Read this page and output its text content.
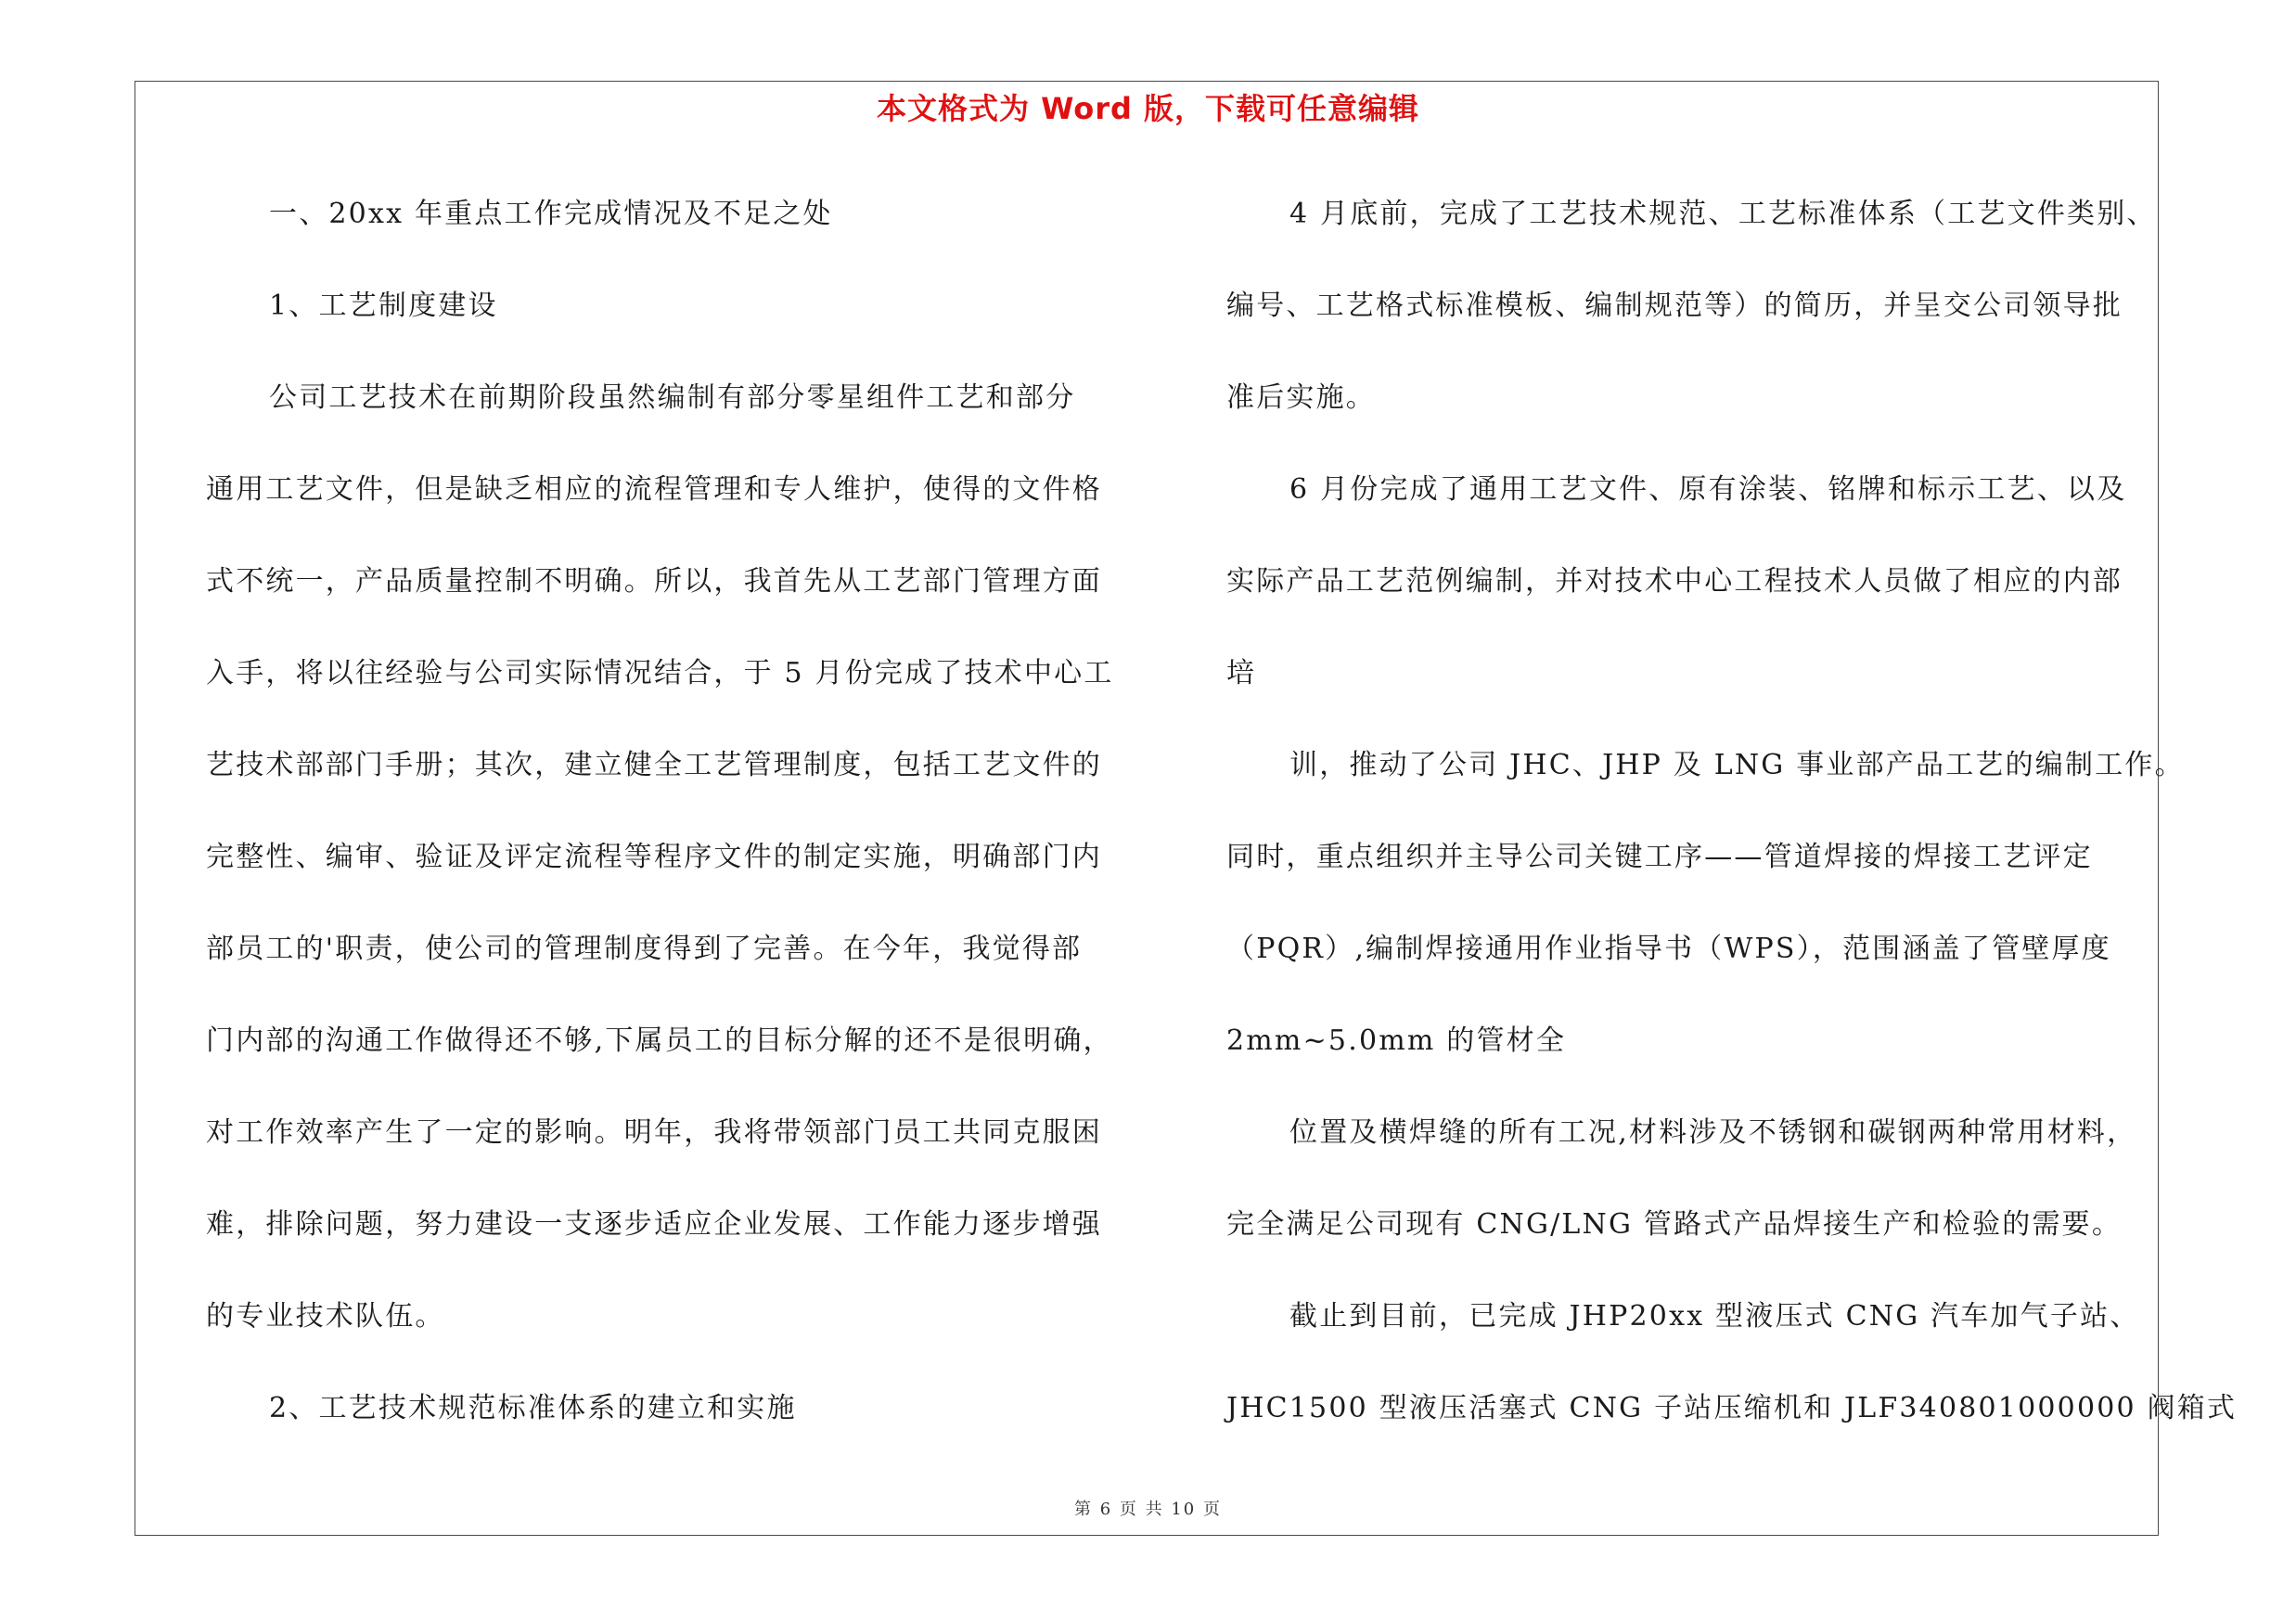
本文格式为 Word 版，下载可任意编辑
一、20xx 年重点工作完成情况及不足之处
1、工艺制度建设
公司工艺技术在前期阶段虽然编制有部分零星组件工艺和部分
通用工艺文件，但是缺乏相应的流程管理和专人维护，使得的文件格
式不统一，产品质量控制不明确。所以，我首先从工艺部门管理方面
入手，将以往经验与公司实际情况结合，于 5 月份完成了技术中心工
艺技术部部门手册；其次，建立健全工艺管理制度，包括工艺文件的
完整性、编审、验证及评定流程等程序文件的制定实施，明确部门内
部员工的'职责，使公司的管理制度得到了完善。在今年，我觉得部
门内部的沟通工作做得还不够,下属员工的目标分解的还不是很明确，
对工作效率产生了一定的影响。明年，我将带领部门员工共同克服困
难，排除问题，努力建设一支逐步适应企业发展、工作能力逐步增强
的专业技术队伍。
2、工艺技术规范标准体系的建立和实施
4 月底前，完成了工艺技术规范、工艺标准体系（工艺文件类别、
编号、工艺格式标准模板、编制规范等）的简历，并呈交公司领导批
准后实施。
6 月份完成了通用工艺文件、原有涂装、铭牌和标示工艺、以及
实际产品工艺范例编制，并对技术中心工程技术人员做了相应的内部
培
训，推动了公司 JHC、JHP 及 LNG 事业部产品工艺的编制工作。
同时，重点组织并主导公司关键工序——管道焊接的焊接工艺评定
（PQR）,编制焊接通用作业指导书（WPS），范围涵盖了管壁厚度
2mm~5.0mm 的管材全
位置及横焊缝的所有工况,材料涉及不锈钢和碳钢两种常用材料，
完全满足公司现有 CNG/LNG 管路式产品焊接生产和检验的需要。
截止到目前，已完成 JHP20xx 型液压式 CNG 汽车加气子站、
JHC1500 型液压活塞式 CNG 子站压缩机和 JLF340801000000 阀箱式
第 6 页 共 10 页
